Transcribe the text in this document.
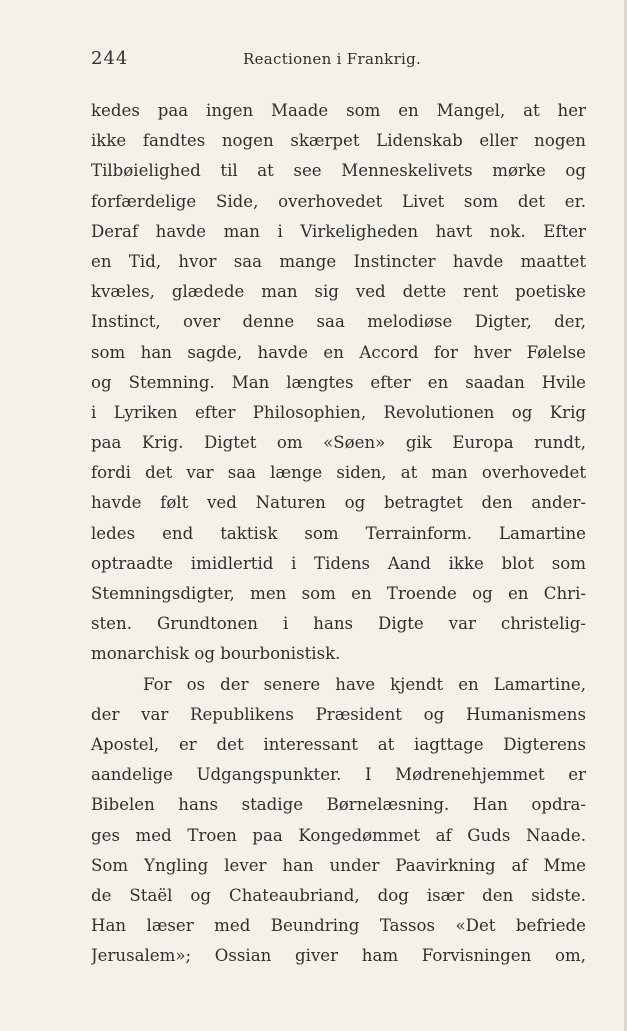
244	Reactionen i Frankrig.
kedes paa ingen Maade som en Mangel, at her
ikke fandtes nogen skærpet Lidenskab eller nogen
Tilbøielighed til at see Menneskelivets mørke og
forfærdelige Side, overhovedet Livet som det er.
Deraf havde man i Virkeligheden havt nok. Efter
en Tid, hvor saa mange Instincter havde maattet
kvæles, glædede man sig ved dette rent poetiske
Instinct, over denne saa melodiøse Digter, der,
som han sagde, havde en Accord for hver Følelse
og Stemning. Man længtes efter en saadan Hvile
i Lyriken efter Philosophien, Revolutionen og Krig
paa Krig. Digtet om «Søen» gik Europa rundt,
fordi det var saa længe siden, at man overhovedet
havde følt ved Naturen og betragtet den ander-
ledes end taktisk som Terrainform. Lamartine
optraadte imidlertid i Tidens Aand ikke blot som
Stemningsdigter, men som en Troende og en Chri-
sten. Grundtonen i hans Digte var christelig-
monarchisk og bourbonistisk.
For os der senere have kjendt en Lamartine,
der var Republikens Præsident og Humanismens
Apostel, er det interessant at iagttage Digterens
aandelige Udgangspunkter. I Mødrenehjemmet er
Bibelen hans stadige Børnelæsning. Han opdra-
ges med Troen paa Kongedømmet af Guds Naade.
Som Yngling lever han under Paavirkning af Mme
de Staël og Chateaubriand, dog især den sidste.
Han læser med Beundring Tassos «Det befriede
Jerusalem»; Ossian giver ham Forvisningen om,
